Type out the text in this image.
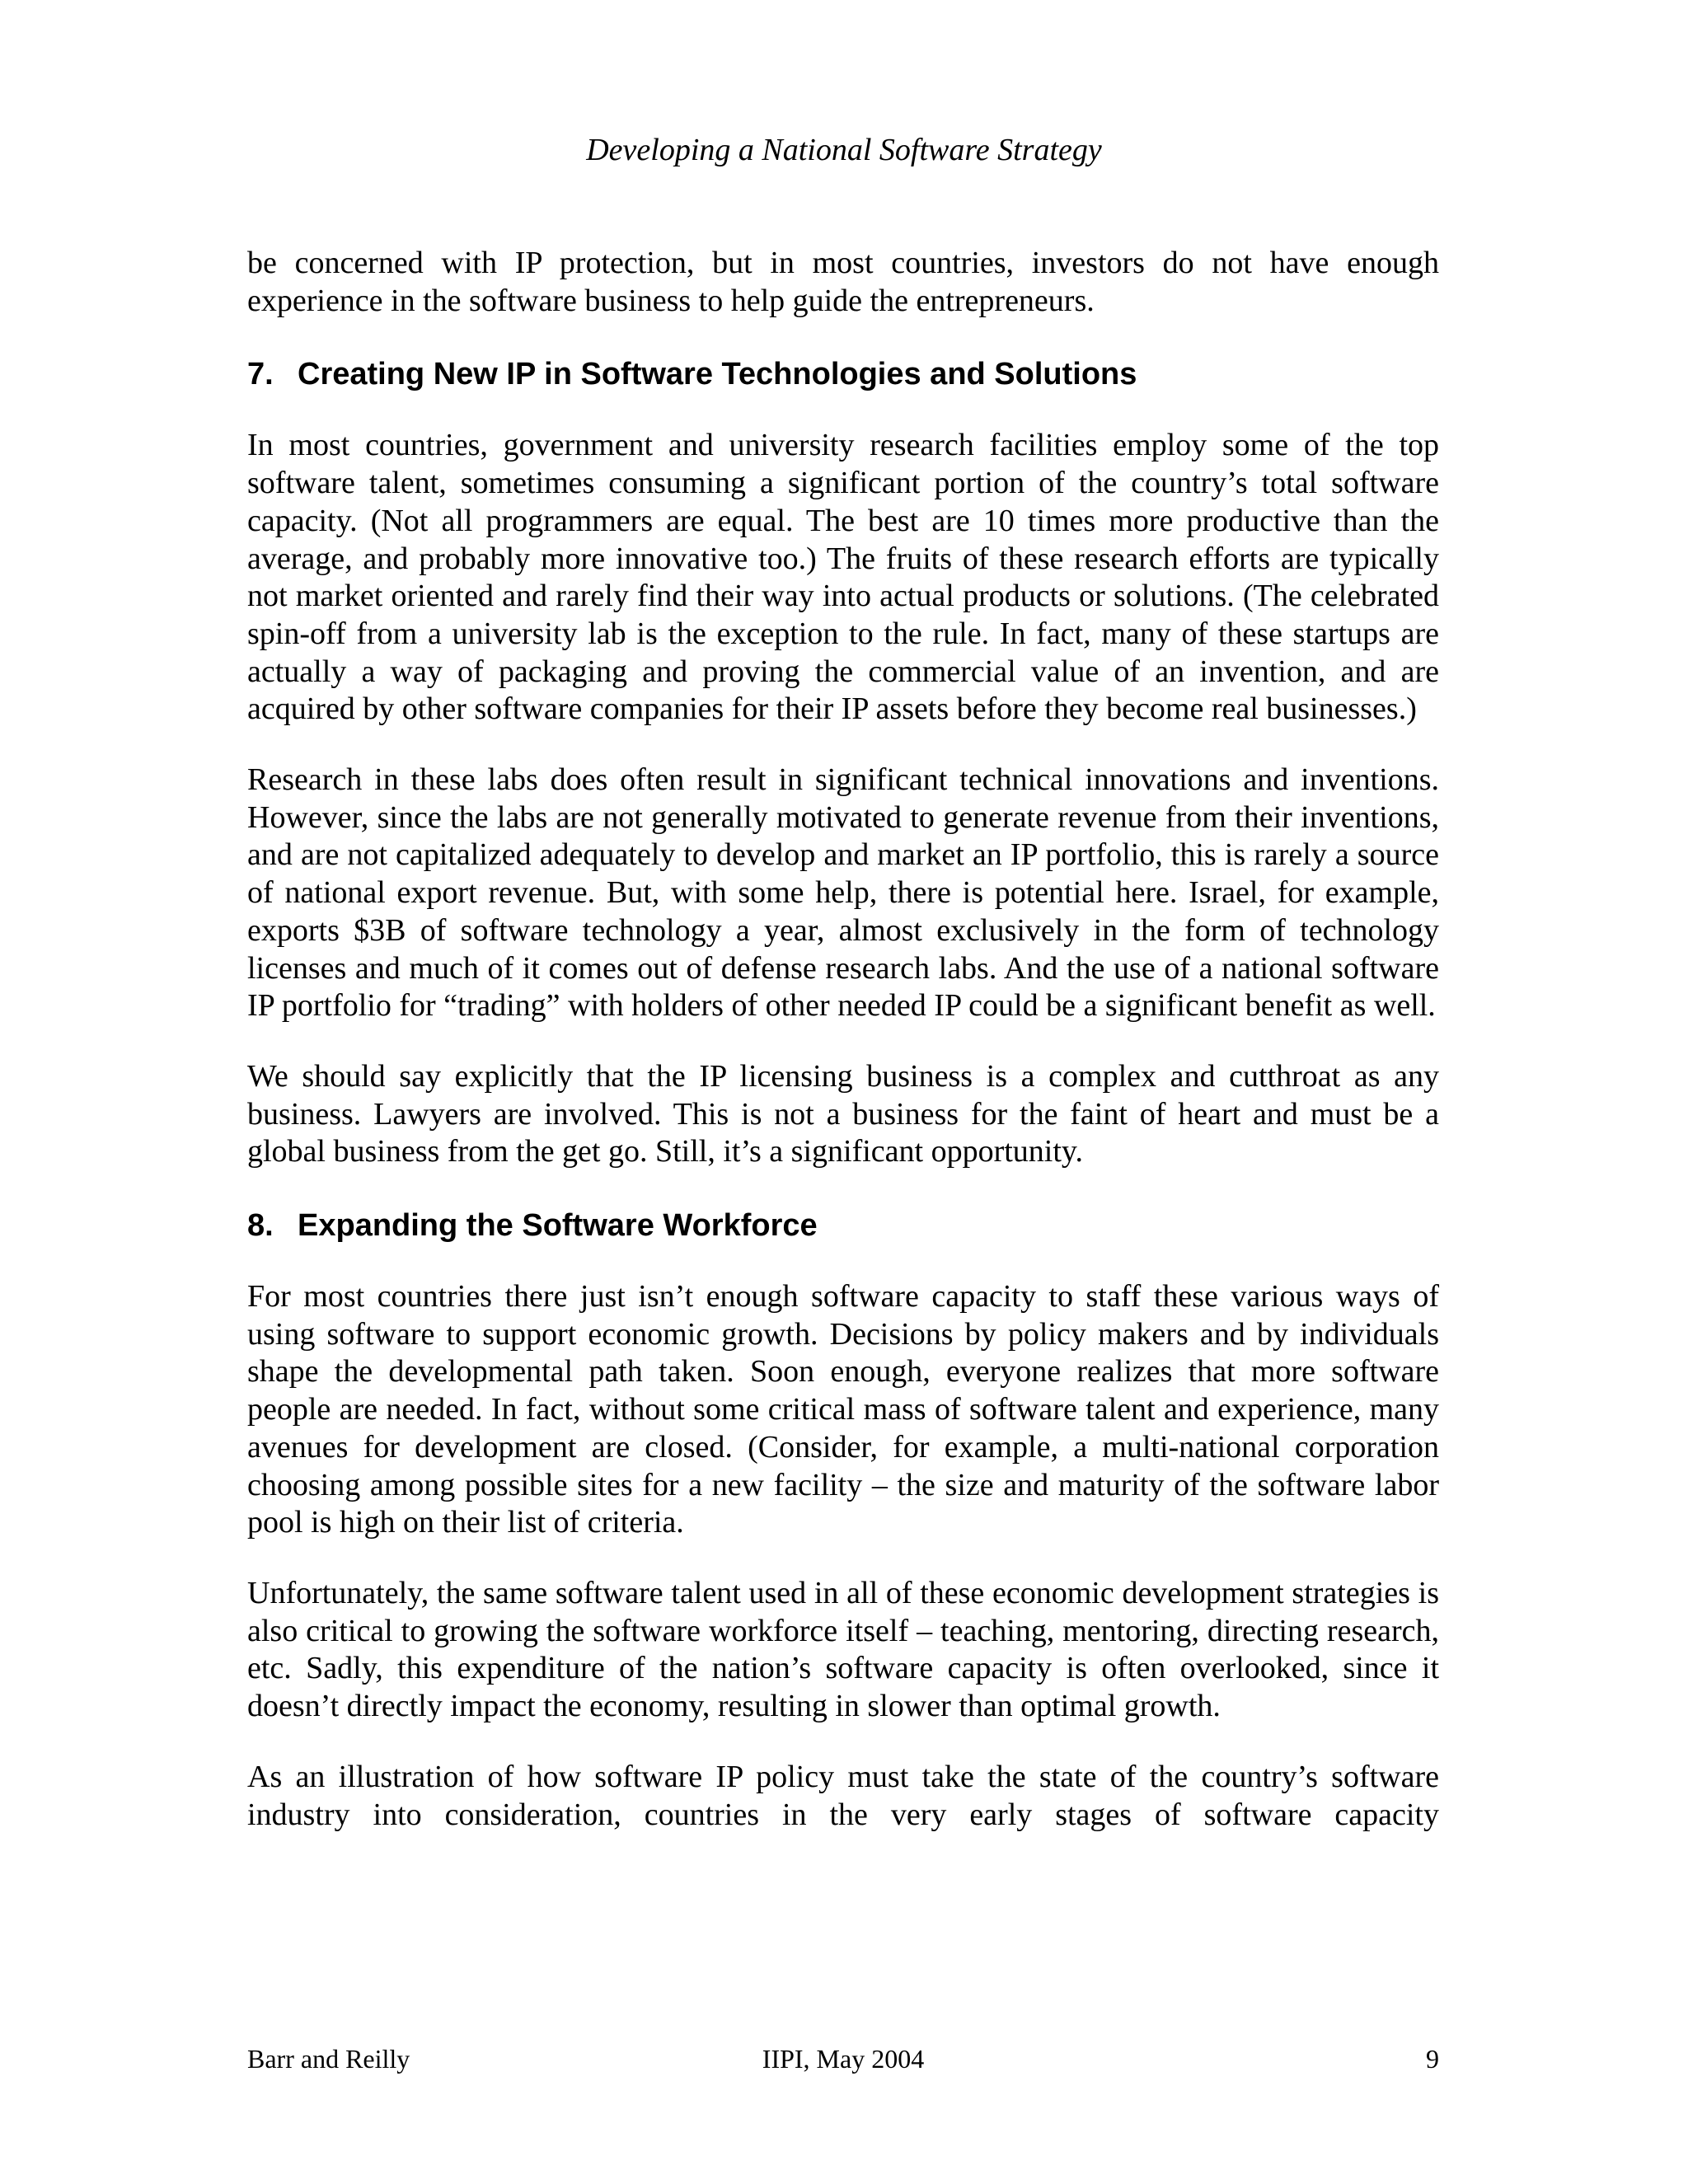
Developing a National Software Strategy

be concerned with IP protection, but in most countries, investors do not have enough experience in the software business to help guide the entrepreneurs.

7. Creating New IP in Software Technologies and Solutions

In most countries, government and university research facilities employ some of the top software talent, sometimes consuming a significant portion of the country’s total software capacity. (Not all programmers are equal. The best are 10 times more productive than the average, and probably more innovative too.) The fruits of these research efforts are typically not market oriented and rarely find their way into actual products or solutions. (The celebrated spin-off from a university lab is the exception to the rule. In fact, many of these startups are actually a way of packaging and proving the commercial value of an invention, and are acquired by other software companies for their IP assets before they become real businesses.)

Research in these labs does often result in significant technical innovations and inventions. However, since the labs are not generally motivated to generate revenue from their inventions, and are not capitalized adequately to develop and market an IP portfolio, this is rarely a source of national export revenue. But, with some help, there is potential here. Israel, for example, exports $3B of software technology a year, almost exclusively in the form of technology licenses and much of it comes out of defense research labs. And the use of a national software IP portfolio for “trading” with holders of other needed IP could be a significant benefit as well.

We should say explicitly that the IP licensing business is a complex and cutthroat as any business. Lawyers are involved. This is not a business for the faint of heart and must be a global business from the get go. Still, it’s a significant opportunity.

8. Expanding the Software Workforce

For most countries there just isn’t enough software capacity to staff these various ways of using software to support economic growth. Decisions by policy makers and by individuals shape the developmental path taken. Soon enough, everyone realizes that more software people are needed. In fact, without some critical mass of software talent and experience, many avenues for development are closed. (Consider, for example, a multi-national corporation choosing among possible sites for a new facility – the size and maturity of the software labor pool is high on their list of criteria.

Unfortunately, the same software talent used in all of these economic development strategies is also critical to growing the software workforce itself – teaching, mentoring, directing research, etc. Sadly, this expenditure of the nation’s software capacity is often overlooked, since it doesn’t directly impact the economy, resulting in slower than optimal growth.

As an illustration of how software IP policy must take the state of the country’s software industry into consideration, countries in the very early stages of software capacity

Barr and Reilly	IIPI, May 2004	9
